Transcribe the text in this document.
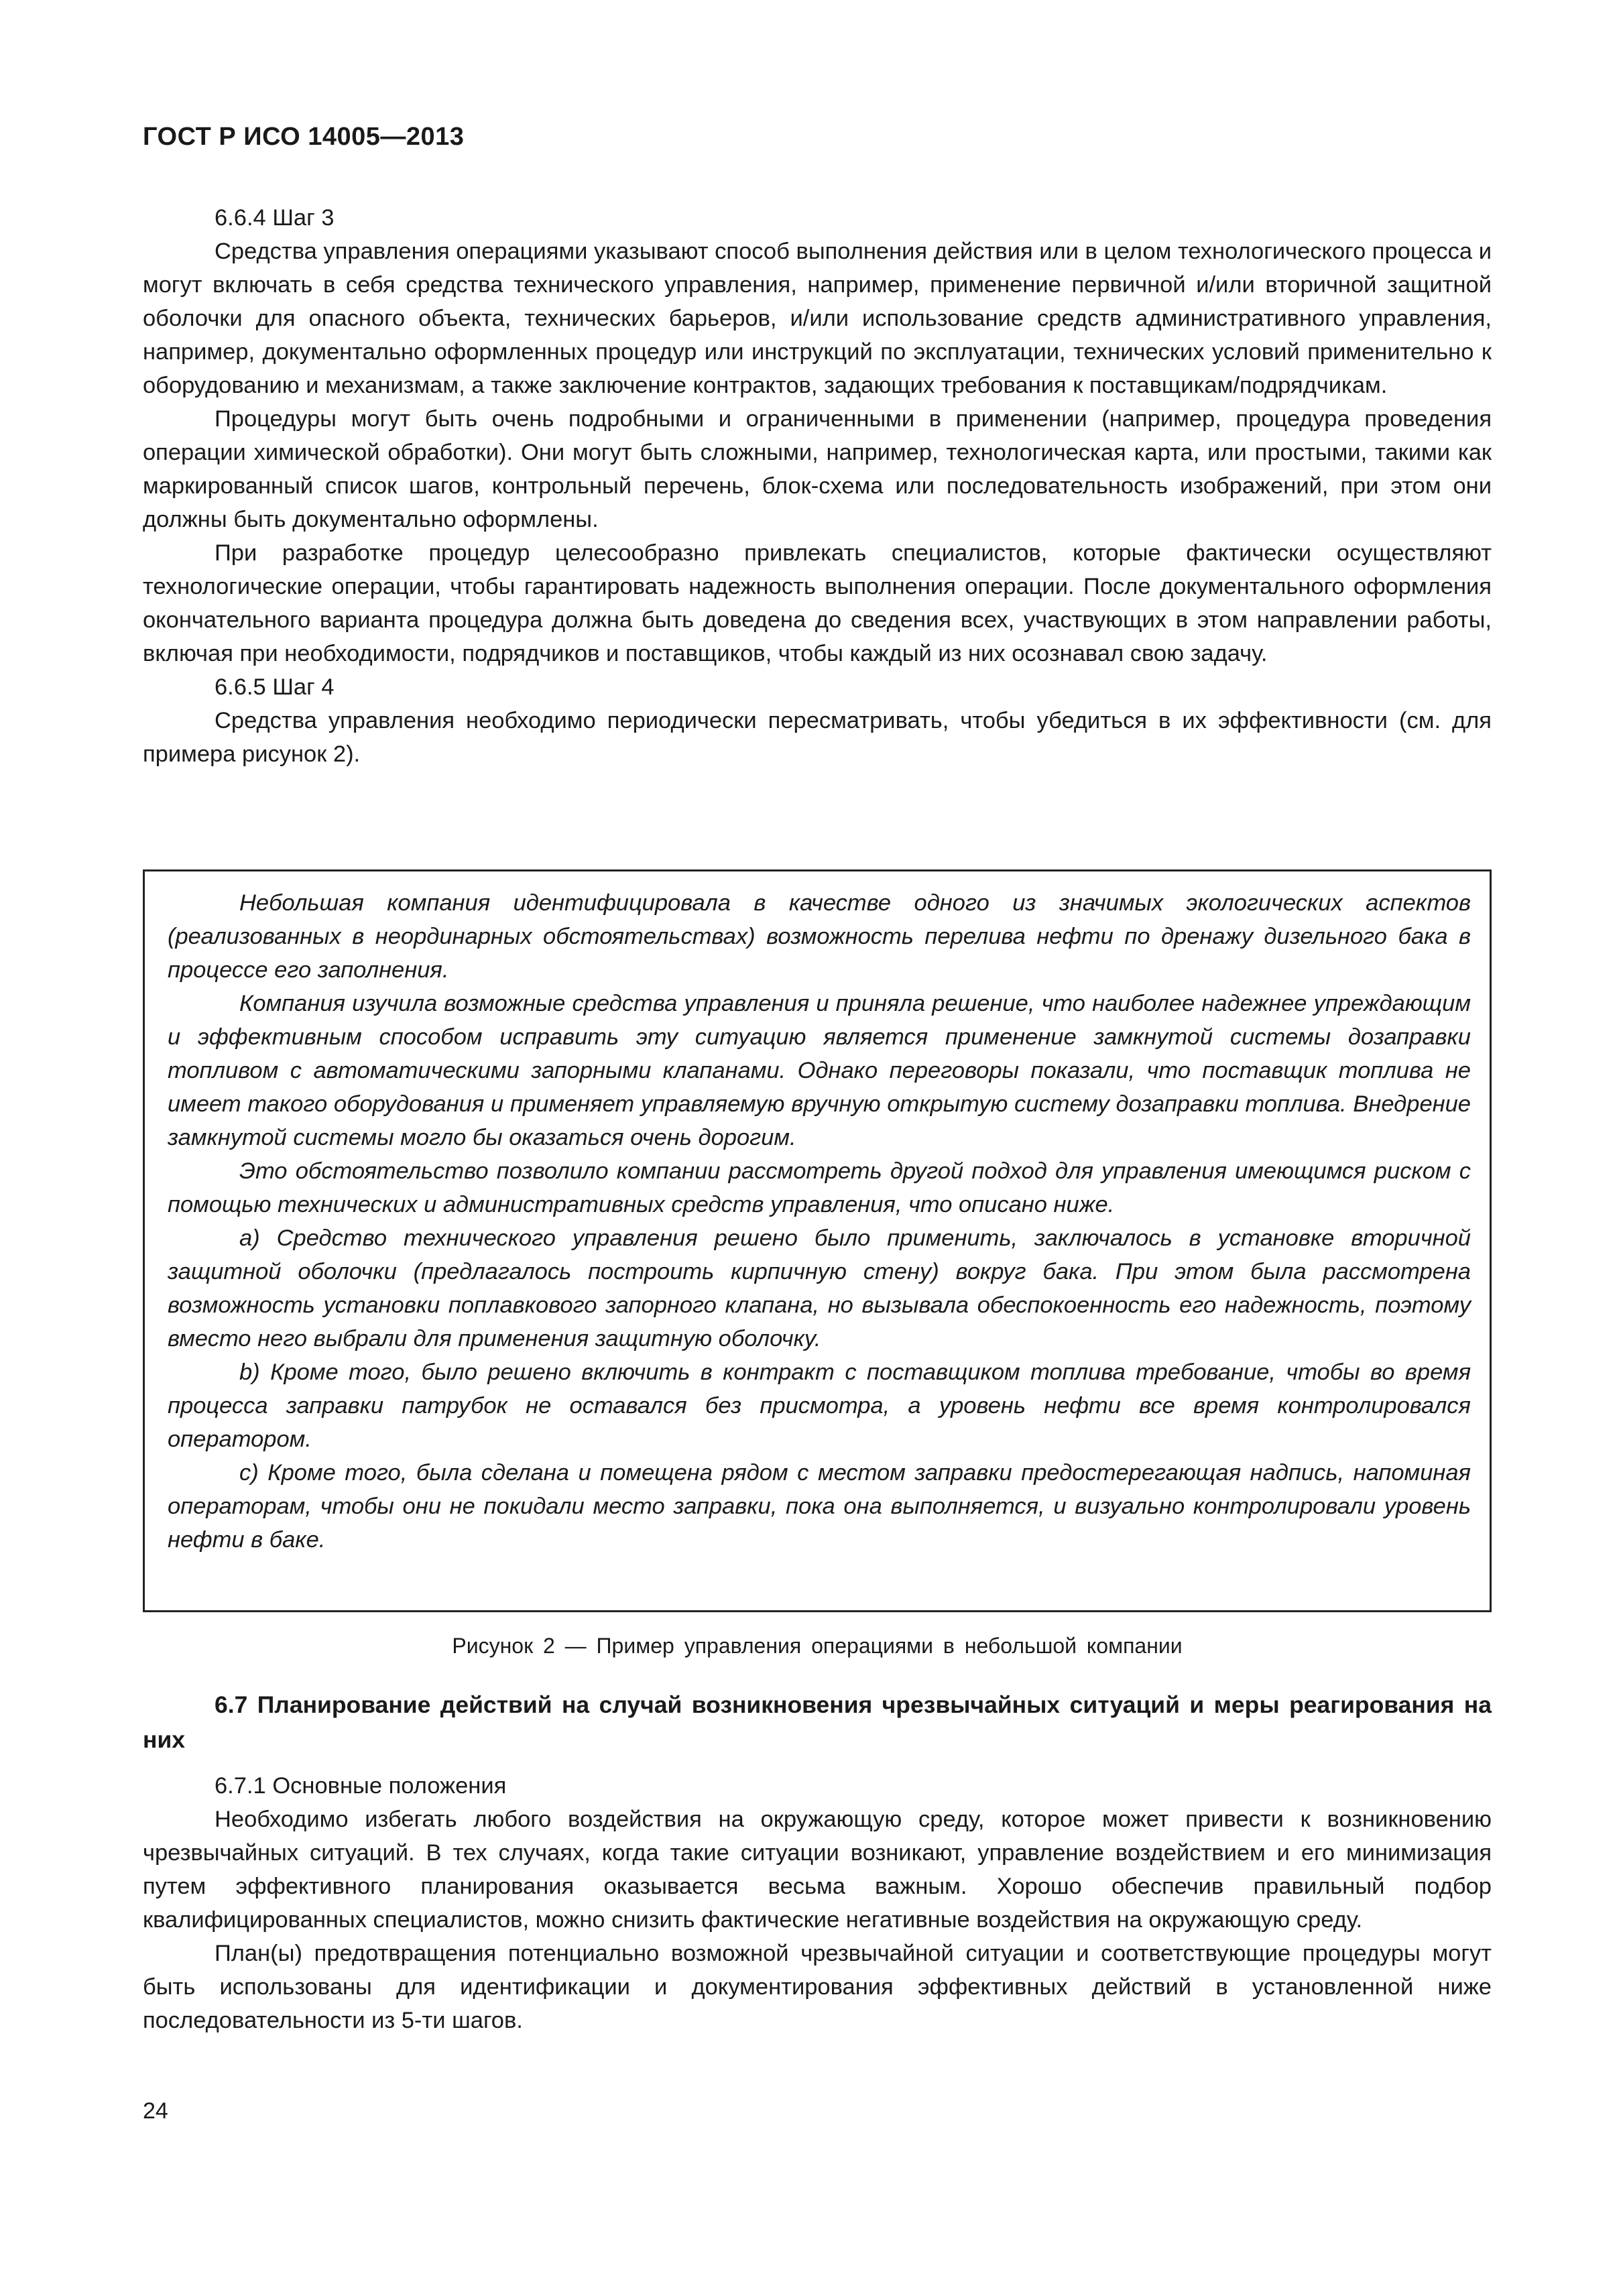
ГОСТ Р ИСО 14005—2013

6.6.4 Шаг 3

Средства управления операциями указывают способ выполнения действия или в целом технологического процесса и могут включать в себя средства технического управления, например, применение первичной и/или вторичной защитной оболочки для опасного объекта, технических барьеров, и/или использование средств административного управления, например, документально оформленных процедур или инструкций по эксплуатации, технических условий применительно к оборудованию и механизмам, а также заключение контрактов, задающих требования к поставщикам/подрядчикам.

Процедуры могут быть очень подробными и ограниченными в применении (например, процедура проведения операции химической обработки). Они могут быть сложными, например, технологическая карта, или простыми, такими как маркированный список шагов, контрольный перечень, блок-схема или последовательность изображений, при этом они должны быть документально оформлены.

При разработке процедур целесообразно привлекать специалистов, которые фактически осуществляют технологические операции, чтобы гарантировать надежность выполнения операции. После документального оформления окончательного варианта процедура должна быть доведена до сведения всех, участвующих в этом направлении работы, включая при необходимости, подрядчиков и поставщиков, чтобы каждый из них осознавал свою задачу.

6.6.5 Шаг 4

Средства управления необходимо периодически пересматривать, чтобы убедиться в их эффективности (см. для примера рисунок 2).

Небольшая компания идентифицировала в качестве одного из значимых экологических аспектов (реализованных в неординарных обстоятельствах) возможность перелива нефти по дренажу дизельного бака в процессе его заполнения.

Компания изучила возможные средства управления и приняла решение, что наиболее надежнее упреждающим и эффективным способом исправить эту ситуацию является применение замкнутой системы дозаправки топливом с автоматическими запорными клапанами. Однако переговоры показали, что поставщик топлива не имеет такого оборудования и применяет управляемую вручную открытую систему дозаправки топлива. Внедрение замкнутой системы могло бы оказаться очень дорогим.

Это обстоятельство позволило компании рассмотреть другой подход для управления имеющимся риском с помощью технических и административных средств управления, что описано ниже.

a) Средство технического управления решено было применить, заключалось в установке вторичной защитной оболочки (предлагалось построить кирпичную стену) вокруг бака. При этом была рассмотрена возможность установки поплавкового запорного клапана, но вызывала обеспокоенность его надежность, поэтому вместо него выбрали для применения защитную оболочку.

b) Кроме того, было решено включить в контракт с поставщиком топлива требование, чтобы во время процесса заправки патрубок не оставался без присмотра, а уровень нефти все время контролировался оператором.

c) Кроме того, была сделана и помещена рядом с местом заправки предостерегающая надпись, напоминая операторам, чтобы они не покидали место заправки, пока она выполняется, и визуально контролировали уровень нефти в баке.

Рисунок 2 — Пример управления операциями в небольшой компании

6.7 Планирование действий на случай возникновения чрезвычайных ситуаций и меры реагирования на них

6.7.1 Основные положения

Необходимо избегать любого воздействия на окружающую среду, которое может привести к возникновению чрезвычайных ситуаций. В тех случаях, когда такие ситуации возникают, управление воздействием и его минимизация путем эффективного планирования оказывается весьма важным. Хорошо обеспечив правильный подбор квалифицированных специалистов, можно снизить фактические негативные воздействия на окружающую среду.

План(ы) предотвращения потенциально возможной чрезвычайной ситуации и соответствующие процедуры могут быть использованы для идентификации и документирования эффективных действий в установленной ниже последовательности из 5-ти шагов.

24
